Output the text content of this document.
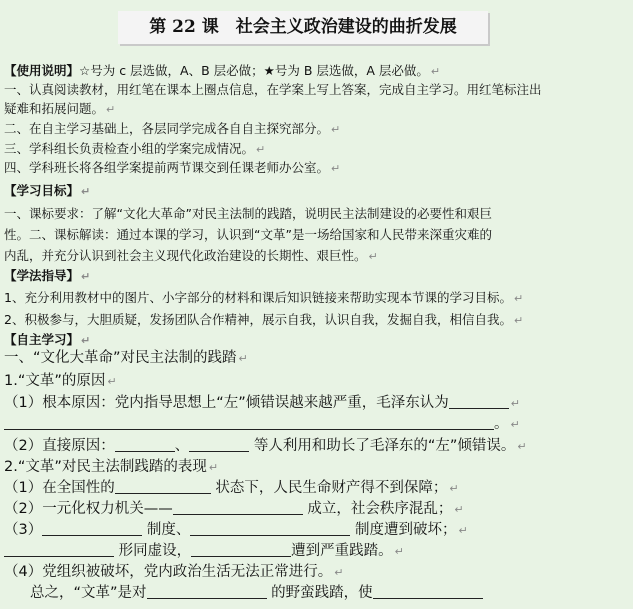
第 22 课　社会主义政治建设的曲折发展
【使用说明】☆号为 c 层选做，A、B 层必做；★号为 B 层选做，A 层必做。 ↵
一、认真阅读教材，用红笔在课本上圈点信息，在学案上写上答案，完成自主学习。用红笔标注出
疑难和拓展问题。 ↵
二、在自主学习基础上，各层同学完成各自自主探究部分。 ↵
三、学科组长负责检查小组的学案完成情况。 ↵
四、学科班长将各组学案提前两节课交到任课老师办公室。 ↵
【学习目标】 ↵
一、课标要求：了解“文化大革命”对民主法制的践踏，说明民主法制建设的必要性和艰巨
性。二、课标解读：通过本课的学习，认识到“文革”是一场给国家和人民带来深重灾难的
内乱，并充分认识到社会主义现代化政治建设的长期性、艰巨性。 ↵
【学法指导】 ↵
1、充分利用教材中的图片、小字部分的材料和课后知识链接来帮助实现本节课的学习目标。 ↵
2、积极参与，大胆质疑，发扬团队合作精神，展示自我，认识自我，发掘自我，相信自我。 ↵
【自主学习】 ↵
一、“文化大革命”对民主法制的践踏 ↵
1.“文革”的原因 ↵
（1）根本原因：党内指导思想上“左”倾错误越来越严重，毛泽东认为	↵
。 ↵
（2）直接原因：	、	等人利用和助长了毛泽东的“左”倾错误。 ↵
2.“文革”对民主法制践踏的表现 ↵
（1）在全国性的	状态下，人民生命财产得不到保障； ↵
（2）一元化权力机关——	成立，社会秩序混乱； ↵
（3）	制度、	制度遭到破坏； ↵
形同虚设，	遭到严重践踏。 ↵
（4）党组织被破坏，党内政治生活无法正常进行。 ↵
总之，“文革”是对	的野蛮践踏，使
